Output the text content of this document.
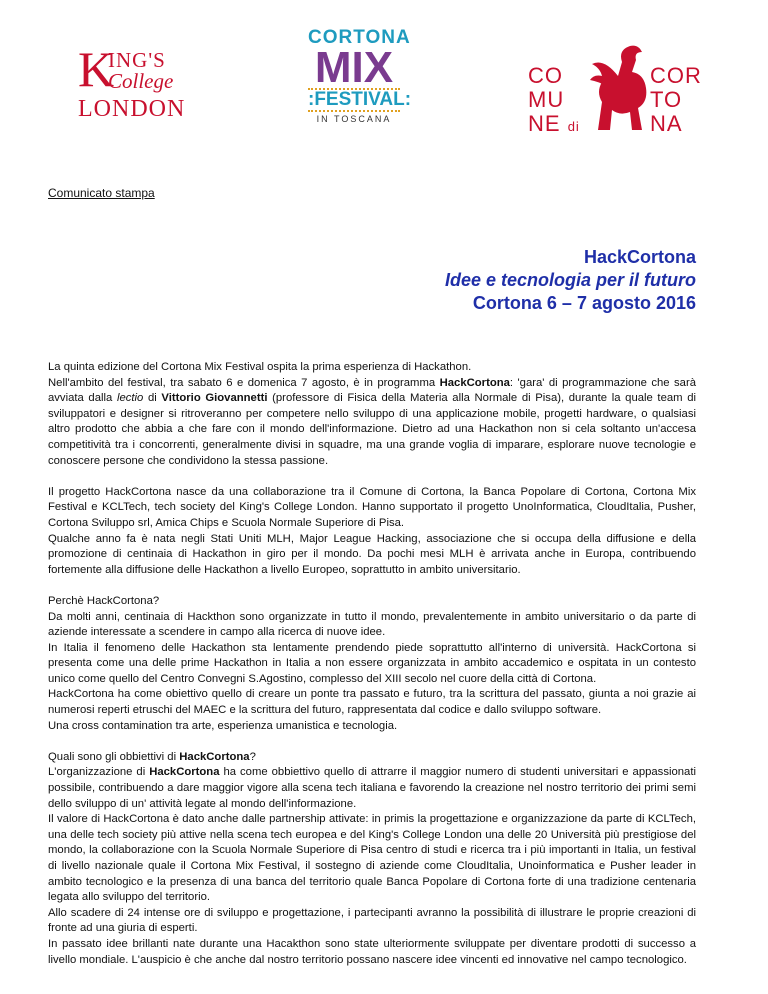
K
ING'S
College
LONDON
CORTONA
MIX
:FESTIVAL:
IN TOSCANA
CO
MU
NE di
COR
TO
NA
Comunicato stampa
HackCortona
Idee e tecnologia per il futuro
Cortona 6 – 7 agosto 2016

La quinta edizione del Cortona Mix Festival ospita la prima esperienza di Hackathon.
Nell'ambito del festival, tra sabato 6 e domenica 7 agosto, è in programma HackCortona: 'gara' di programmazione che sarà avviata dalla lectio di Vittorio Giovannetti (professore di Fisica della Materia alla Normale di Pisa), durante la quale team di sviluppatori e designer si ritroveranno per competere nello sviluppo di una applicazione mobile, progetti hardware, o qualsiasi altro prodotto che abbia a che fare con il mondo dell'informazione. Dietro ad una Hackathon non si cela soltanto un'accesa competitività tra i concorrenti, generalmente divisi in squadre, ma una grande voglia di imparare, esplorare nuove tecnologie e conoscere persone che condividono la stessa passione.

Il progetto HackCortona nasce da una collaborazione tra il Comune di Cortona, la Banca Popolare di Cortona, Cortona Mix Festival e KCLTech, tech society del King's College London. Hanno supportato il progetto UnoInformatica, CloudItalia, Pusher, Cortona Sviluppo srl, Amica Chips e Scuola Normale Superiore di Pisa.
Qualche anno fa è nata negli Stati Uniti MLH, Major League Hacking, associazione che si occupa della diffusione e della promozione di centinaia di Hackathon in giro per il mondo. Da pochi mesi MLH è arrivata anche in Europa, contribuendo fortemente alla diffusione delle Hackathon a livello Europeo, soprattutto in ambito universitario.

Perchè HackCortona?
Da molti anni, centinaia di Hackthon sono organizzate in tutto il mondo, prevalentemente in ambito universitario o da parte di aziende interessate a scendere in campo alla ricerca di nuove idee.
In Italia il fenomeno delle Hackathon sta lentamente prendendo piede soprattutto all'interno di università. HackCortona si presenta come una delle prime Hackathon in Italia a non essere organizzata in ambito accademico e ospitata in un contesto unico come quello del Centro Convegni S.Agostino, complesso del XIII secolo nel cuore della città di Cortona.
HackCortona ha come obiettivo quello di creare un ponte tra passato e futuro, tra la scrittura del passato, giunta a noi grazie ai numerosi reperti etruschi del MAEC e la scrittura del futuro, rappresentata dal codice e dallo sviluppo software.
Una cross contamination tra arte, esperienza umanistica e tecnologia.

Quali sono gli obbiettivi di HackCortona?
L'organizzazione di HackCortona ha come obbiettivo quello di attrarre il maggior numero di studenti universitari e appassionati possibile, contribuendo a dare maggior vigore alla scena tech italiana e favorendo la creazione nel nostro territorio dei primi semi dello sviluppo di un' attività legate al mondo dell'informazione.
Il valore di HackCortona è dato anche dalle partnership attivate: in primis la progettazione e organizzazione da parte di KCLTech, una delle tech society più attive nella scena tech europea e del King's College London una delle 20 Università più prestigiose del mondo, la collaborazione con la Scuola Normale Superiore di Pisa centro di studi e ricerca tra i più importanti in Italia, un festival di livello nazionale quale il Cortona Mix Festival, il sostegno di aziende come CloudItalia, Unoinformatica e Pusher leader in ambito tecnologico e la presenza di una banca del territorio quale Banca Popolare di Cortona forte di una tradizione centenaria legata allo sviluppo del territorio.
Allo scadere di 24 intense ore di sviluppo e progettazione, i partecipanti avranno la possibilità di illustrare le proprie creazioni di fronte ad una giuria di esperti.
In passato idee brillanti nate durante una Hacakthon sono state ulteriormente sviluppate per diventare prodotti di successo a livello mondiale. L'auspicio è che anche dal nostro territorio possano nascere idee vincenti ed innovative nel campo tecnologico.
